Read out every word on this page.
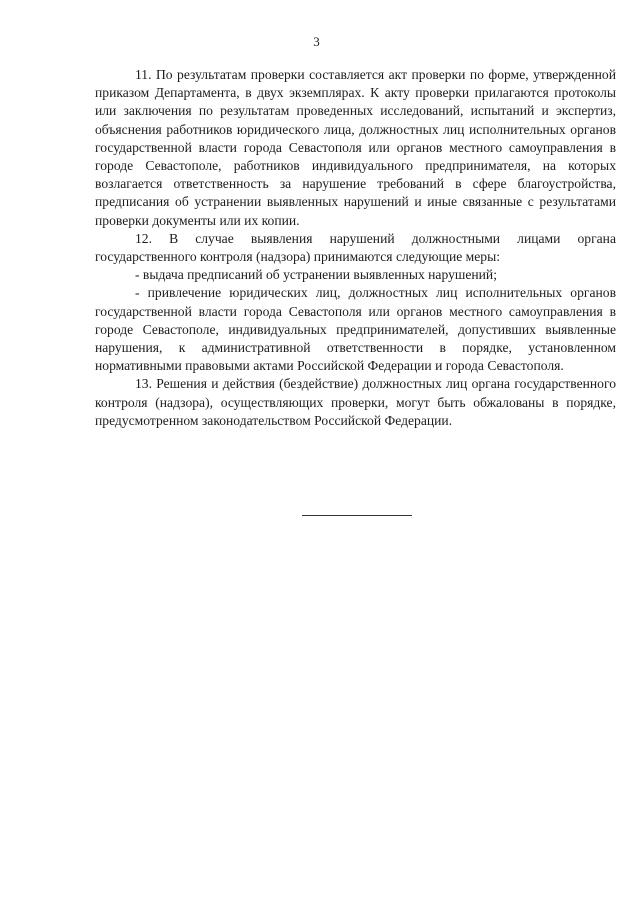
3

11. По результатам проверки составляется акт проверки по форме, утвержденной приказом Департамента, в двух экземплярах. К акту проверки прилагаются протоколы или заключения по результатам проведенных исследований, испытаний и экспертиз, объяснения работников юридического лица, должностных лиц исполнительных органов государственной власти города Севастополя или органов местного самоуправления в городе Севастополе, работников индивидуального предпринимателя, на которых возлагается ответственность за нарушение требований в сфере благоустройства, предписания об устранении выявленных нарушений и иные связанные с результатами проверки документы или их копии.

12. В случае выявления нарушений должностными лицами органа государственного контроля (надзора) принимаются следующие меры:

- выдача предписаний об устранении выявленных нарушений;

- привлечение юридических лиц, должностных лиц исполнительных органов государственной власти города Севастополя или органов местного самоуправления в городе Севастополе, индивидуальных предпринимателей, допустивших выявленные нарушения, к административной ответственности в порядке, установленном нормативными правовыми актами Российской Федерации и города Севастополя.

13. Решения и действия (бездействие) должностных лиц органа государственного контроля (надзора), осуществляющих проверки, могут быть обжалованы в порядке, предусмотренном законодательством Российской Федерации.
